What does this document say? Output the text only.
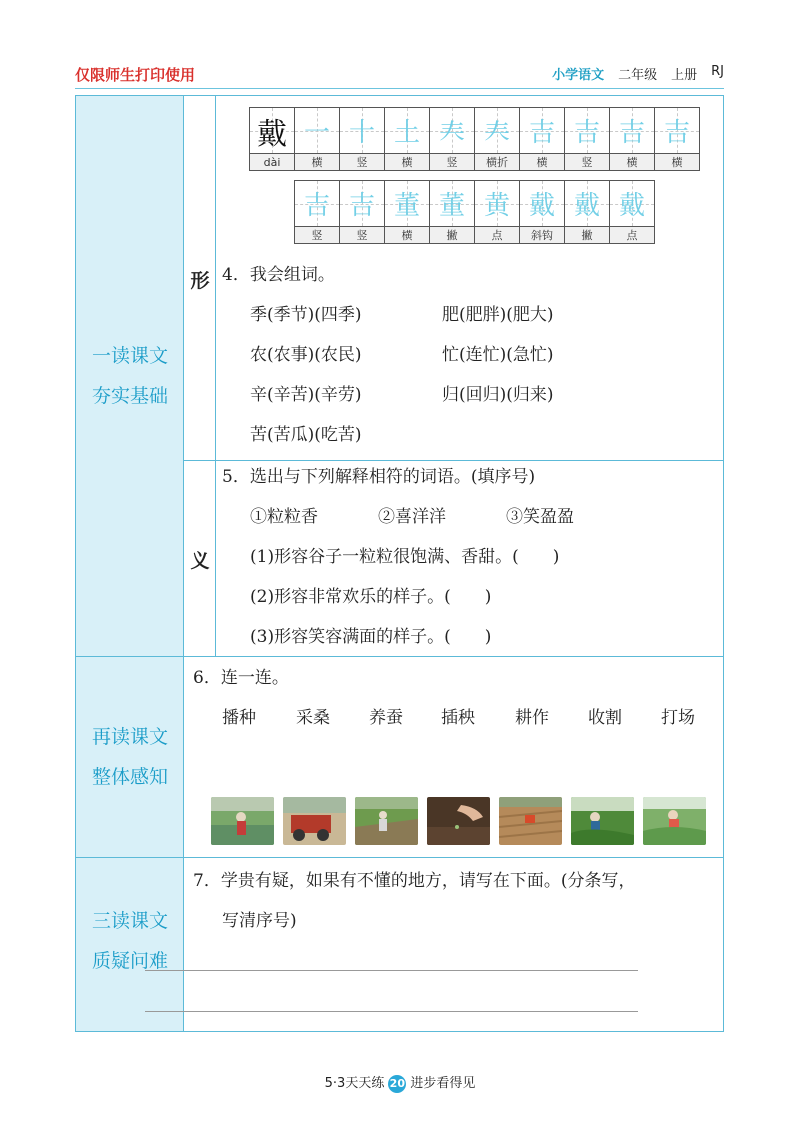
仅限师生打印使用	小学语文 二年级 上册 RJ
一读课文
夯实基础
再读课文
整体感知
三读课文
质疑问难
形
义
戴	一	十	土	𡗗	𡗗	吉	吉	吉	吉
dài	横	竖	横	竖	横折	横	竖	横	横
吉	吉	董	董	黄	戴	戴	戴
竖	竖	横	撇	点	斜钩	撇	点
4．我会组词。
季(季节)(四季)	肥(肥胖)(肥大)
农(农事)(农民)	忙(连忙)(急忙)
辛(辛苦)(辛劳)	归(回归)(归来)
苦(苦瓜)(吃苦)
5．选出与下列解释相符的词语。(填序号)
①粒粒香	②喜洋洋	③笑盈盈
(1)形容谷子一粒粒很饱满、香甜。(　　)
(2)形容非常欢乐的样子。(　　)
(3)形容笑容满面的样子。(　　)
6．连一连。
播种 采桑 养蚕 插秧 耕作 收割 打场
7．学贵有疑，如果有不懂的地方，请写在下面。(分条写，
写清序号)
5·3天天练 20 进步看得见
